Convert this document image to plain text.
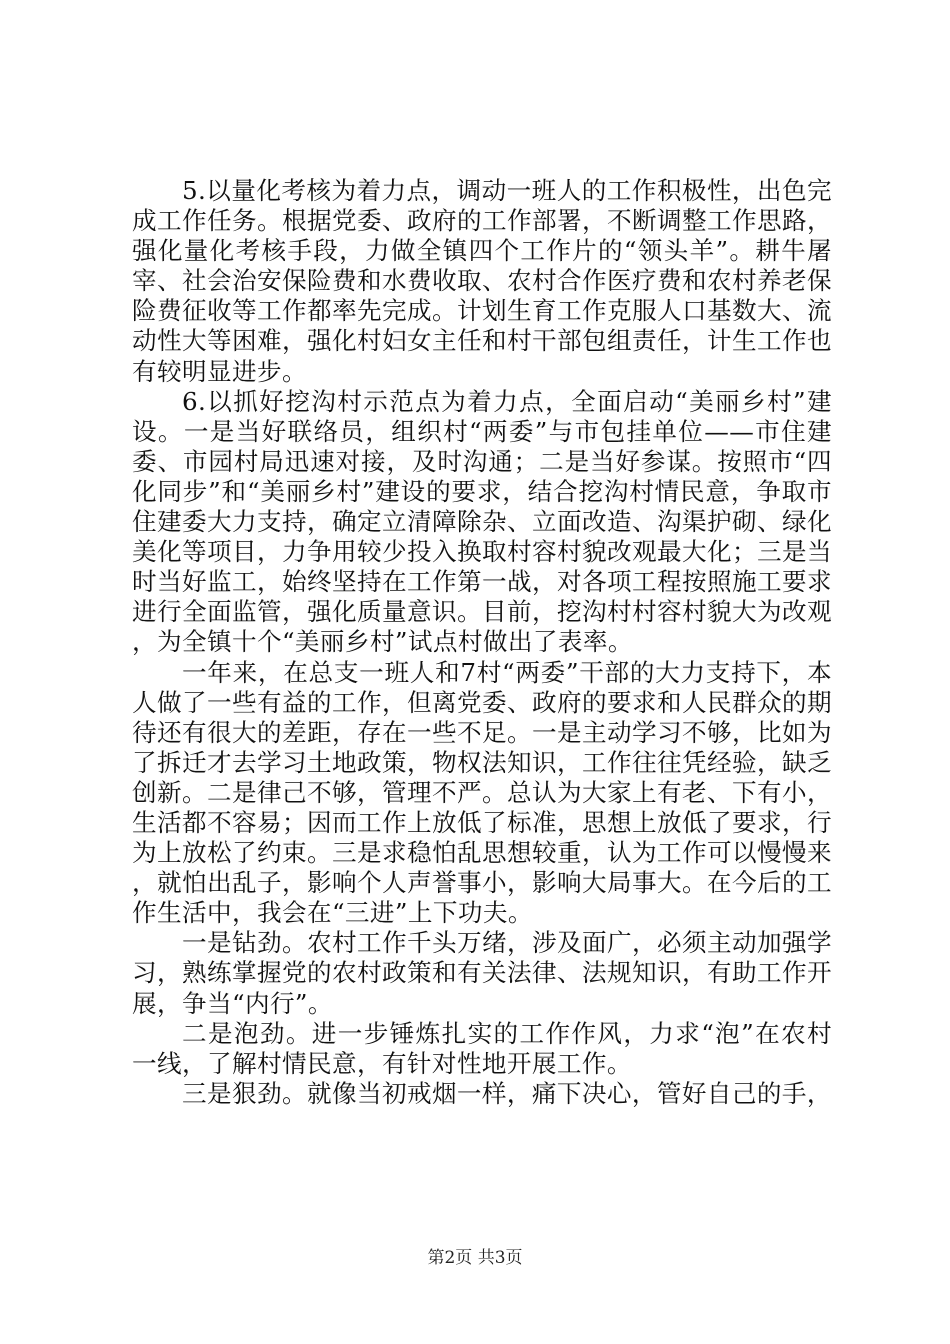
5.以量化考核为着力点，调动一班人的工作积极性，出色完成工作任务。根据党委、政府的工作部署，不断调整工作思路，强化量化考核手段，力做全镇四个工作片的“领头羊”。耕牛屠宰、社会治安保险费和水费收取、农村合作医疗费和农村养老保险费征收等工作都率先完成。计划生育工作克服人口基数大、流动性大等困难，强化村妇女主任和村干部包组责任，计生工作也有较明显进步。

6.以抓好挖沟村示范点为着力点，全面启动“美丽乡村”建设。一是当好联络员，组织村“两委”与市包挂单位——市住建委、市园村局迅速对接，及时沟通；二是当好参谋。按照市“四化同步”和“美丽乡村”建设的要求，结合挖沟村情民意，争取市住建委大力支持，确定立清障除杂、立面改造、沟渠护砌、绿化美化等项目，力争用较少投入换取村容村貌改观最大化；三是当时当好监工，始终坚持在工作第一战，对各项工程按照施工要求进行全面监管，强化质量意识。目前，挖沟村村容村貌大为改观，为全镇十个“美丽乡村”试点村做出了表率。

一年来，在总支一班人和7村“两委”干部的大力支持下，本人做了一些有益的工作，但离党委、政府的要求和人民群众的期待还有很大的差距，存在一些不足。一是主动学习不够，比如为了拆迁才去学习土地政策，物权法知识，工作往往凭经验，缺乏创新。二是律己不够，管理不严。总认为大家上有老、下有小，生活都不容易；因而工作上放低了标准，思想上放低了要求，行为上放松了约束。三是求稳怕乱思想较重，认为工作可以慢慢来，就怕出乱子，影响个人声誉事小，影响大局事大。在今后的工作生活中，我会在“三进”上下功夫。

一是钻劲。农村工作千头万绪，涉及面广，必须主动加强学习，熟练掌握党的农村政策和有关法律、法规知识，有助工作开展，争当“内行”。

二是泡劲。进一步锤炼扎实的工作作风，力求“泡”在农村一线，了解村情民意，有针对性地开展工作。

三是狠劲。就像当初戒烟一样，痛下决心，管好自己的手，

第2页 共3页
